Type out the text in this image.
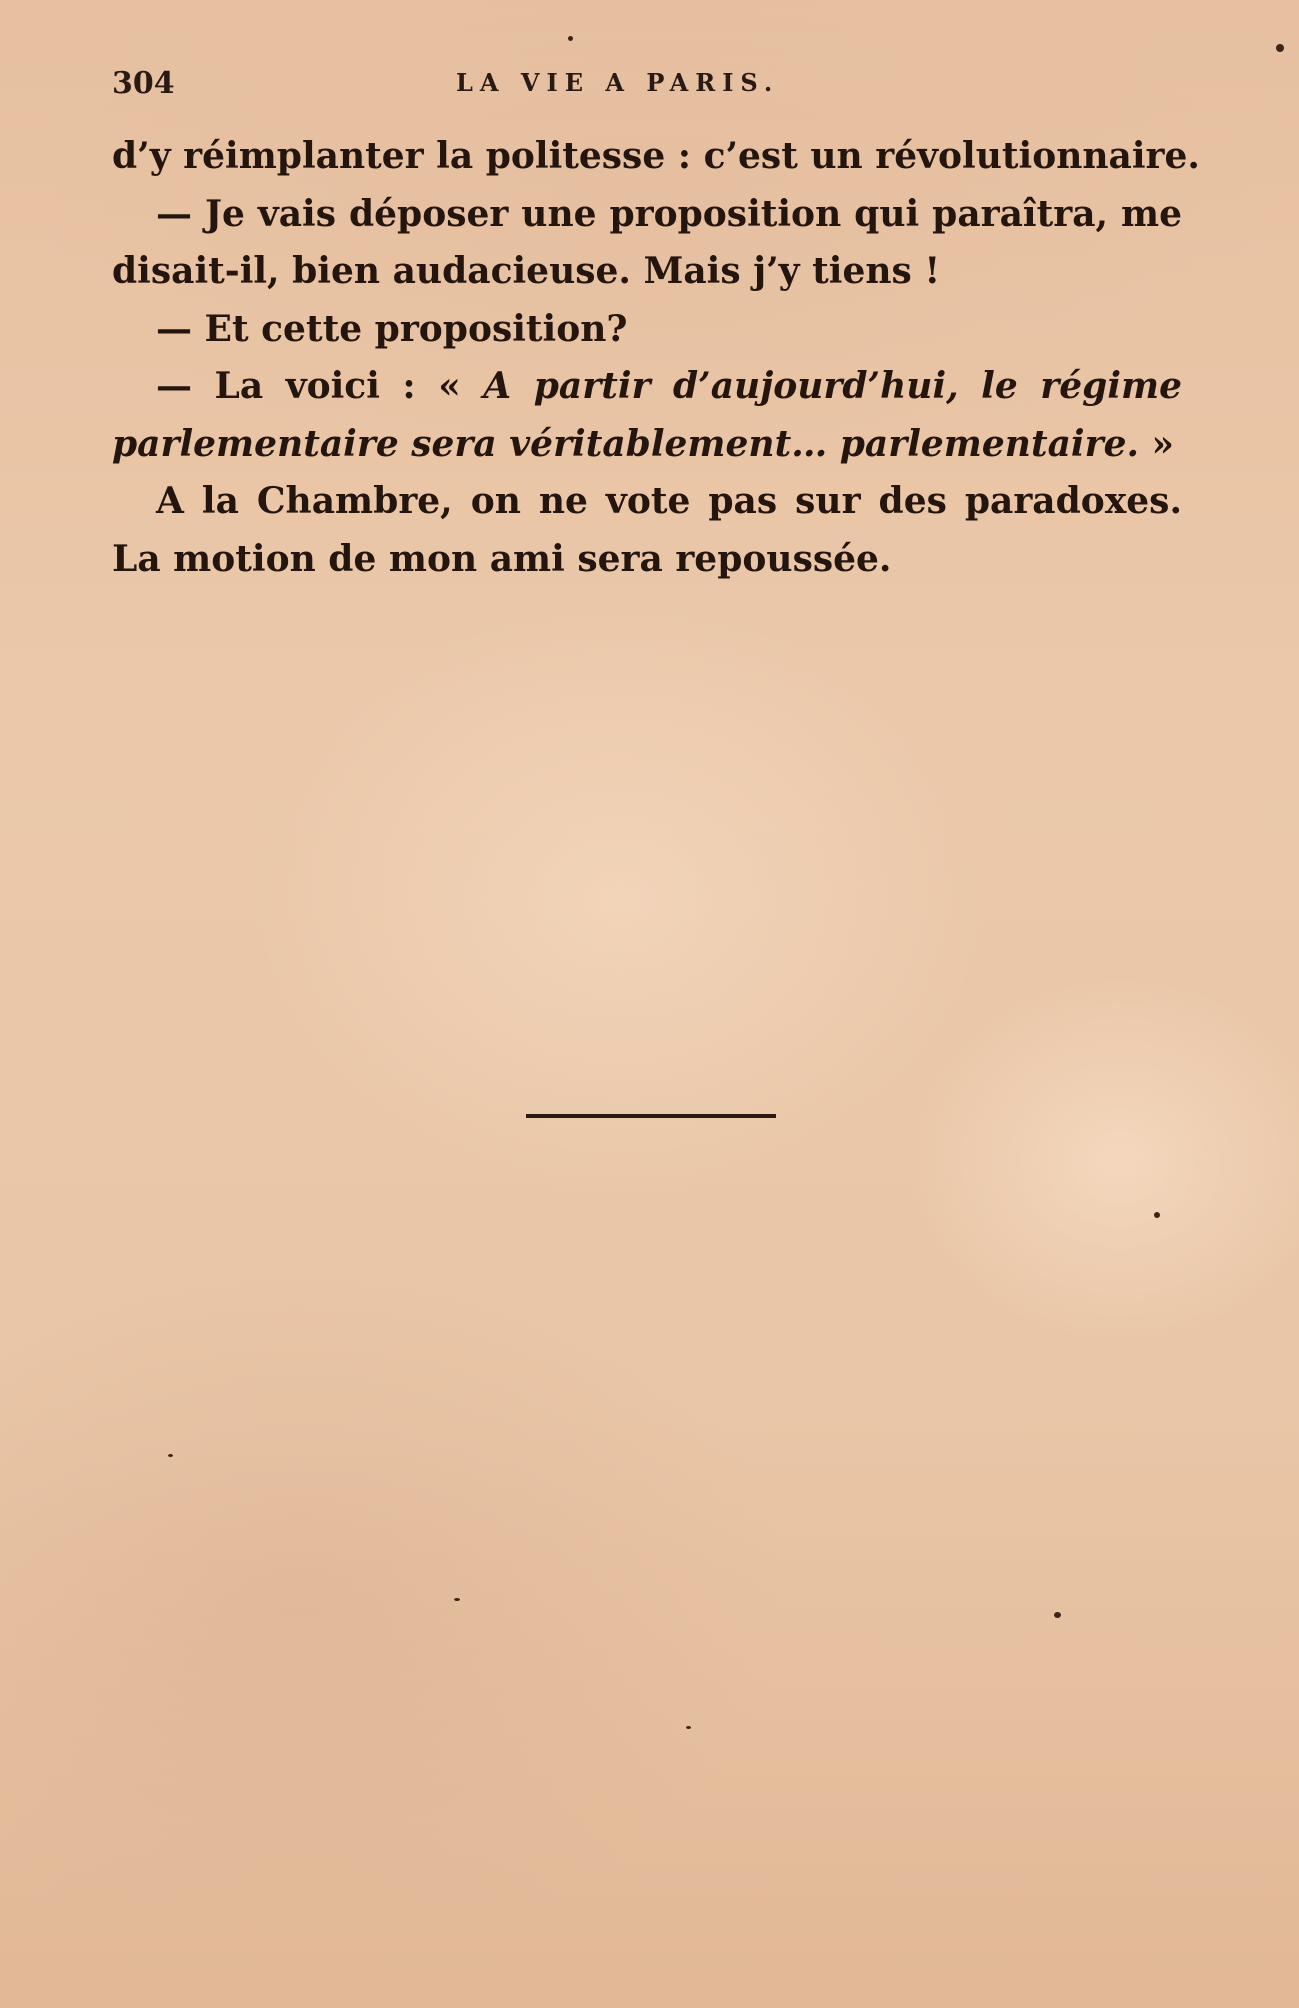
304	LA VIE A PARIS.
d’y réimplanter la politesse : c’est un révolutionnaire.
— Je vais déposer une proposition qui paraîtra, me
disait-il, bien audacieuse. Mais j’y tiens !
— Et cette proposition?
— La voici : « A partir d’aujourd’hui, le régime
parlementaire sera véritablement… parlementaire. »
A la Chambre, on ne vote pas sur des paradoxes.
La motion de mon ami sera repoussée.
